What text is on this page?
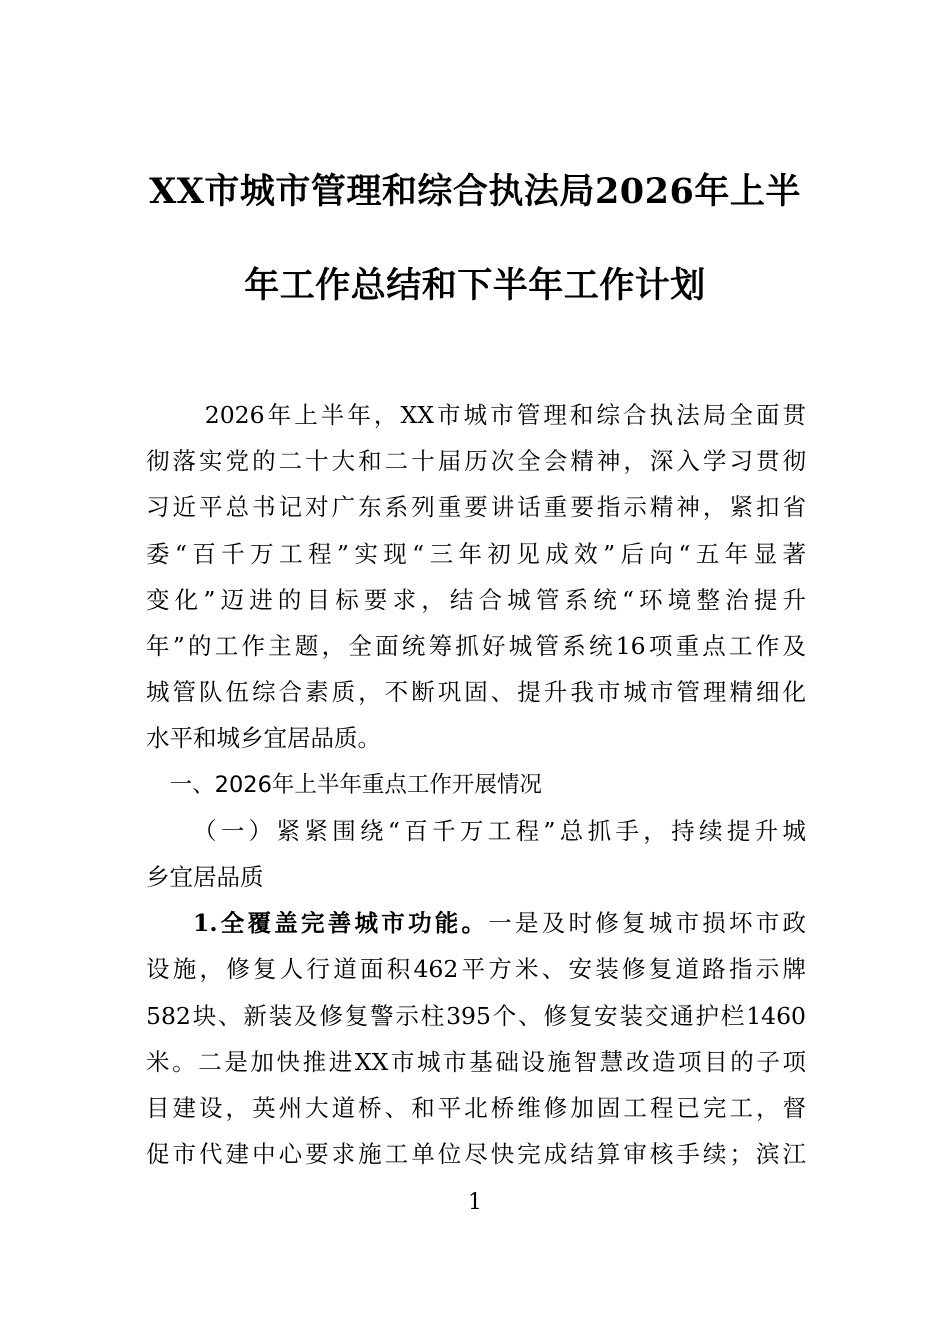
XX市城市管理和综合执法局2026年上半
年工作总结和下半年工作计划

2026年上半年，XX市城市管理和综合执法局全面贯
彻落实党的二十大和二十届历次全会精神，深入学习贯彻
习近平总书记对广东系列重要讲话重要指示精神，紧扣省
委“百千万工程”实现“三年初见成效”后向“五年显著
变化”迈进的目标要求，结合城管系统“环境整治提升
年”的工作主题，全面统筹抓好城管系统16项重点工作及
城管队伍综合素质，不断巩固、提升我市城市管理精细化
水平和城乡宜居品质。

一、2026年上半年重点工作开展情况

（一）紧紧围绕“百千万工程”总抓手，持续提升城
乡宜居品质

1.全覆盖完善城市功能。一是及时修复城市损坏市政
设施，修复人行道面积462平方米、安装修复道路指示牌
582块、新装及修复警示柱395个、修复安装交通护栏1460
米。二是加快推进XX市城市基础设施智慧改造项目的子项
目建设，英州大道桥、和平北桥维修加固工程已完工，督
促市代建中心要求施工单位尽快完成结算审核手续；滨江

1
